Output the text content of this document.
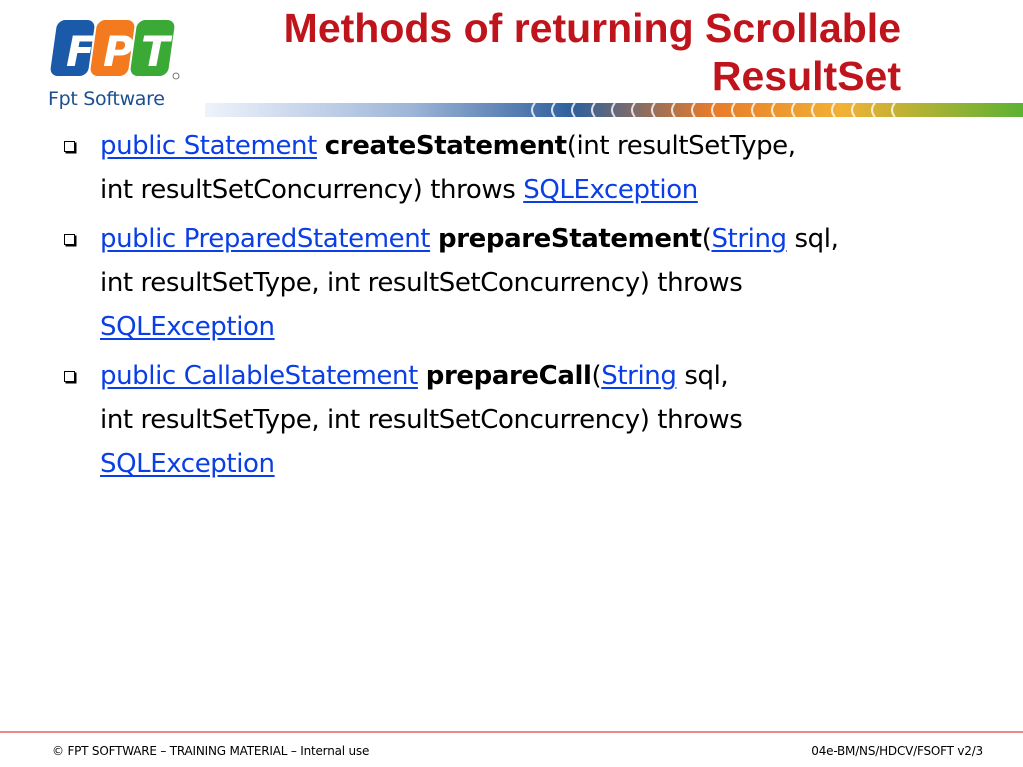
F P T
Fpt Software
Methods of returning Scrollable
ResultSet
public Statement createStatement(int resultSetType,
int resultSetConcurrency) throws SQLException
public PreparedStatement prepareStatement(String sql,
int resultSetType, int resultSetConcurrency) throws
SQLException
public CallableStatement prepareCall(String sql,
int resultSetType, int resultSetConcurrency) throws
SQLException
© FPT SOFTWARE – TRAINING MATERIAL – Internal use	04e-BM/NS/HDCV/FSOFT v2/3
